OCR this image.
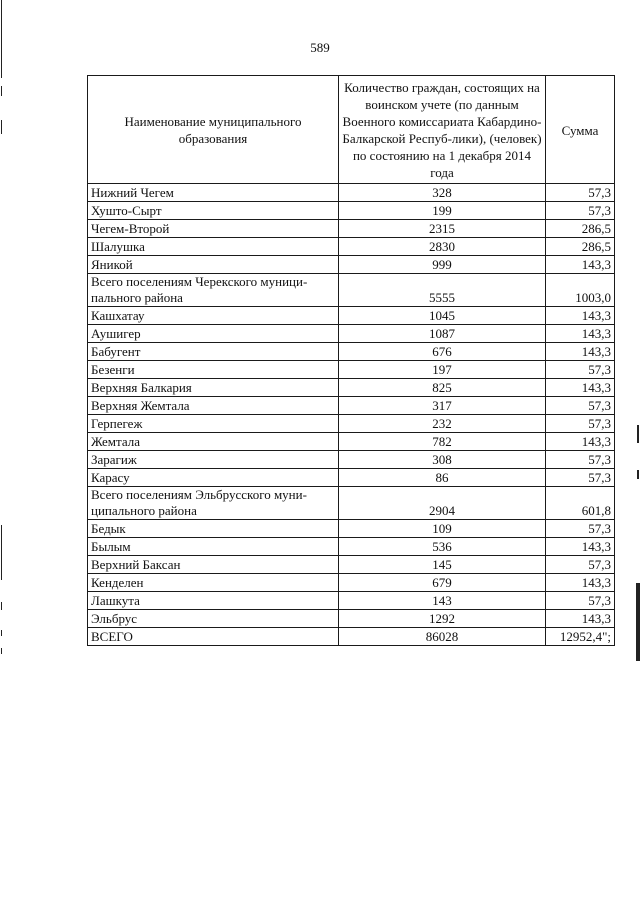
589
Наименование муниципального образования	Количество граждан, состоящих на воинском учете (по данным Военного комиссариата Кабардино-Балкарской Респуб-лики), (человек) по состоянию на 1 декабря 2014 года	Сумма
Нижний Чегем	328	57,3
Хушто-Сырт	199	57,3
Чегем-Второй	2315	286,5
Шалушка	2830	286,5
Яникой	999	143,3
Всего поселениям Черекского муници-пального района	5555	1003,0
Кашхатау	1045	143,3
Аушигер	1087	143,3
Бабугент	676	143,3
Безенги	197	57,3
Верхняя Балкария	825	143,3
Верхняя Жемтала	317	57,3
Герпегеж	232	57,3
Жемтала	782	143,3
Зарагиж	308	57,3
Карасу	86	57,3
Всего поселениям Эльбрусского муни-ципального района	2904	601,8
Бедык	109	57,3
Былым	536	143,3
Верхний Баксан	145	57,3
Кенделен	679	143,3
Лашкута	143	57,3
Эльбрус	1292	143,3
ВСЕГО	86028	12952,4";
